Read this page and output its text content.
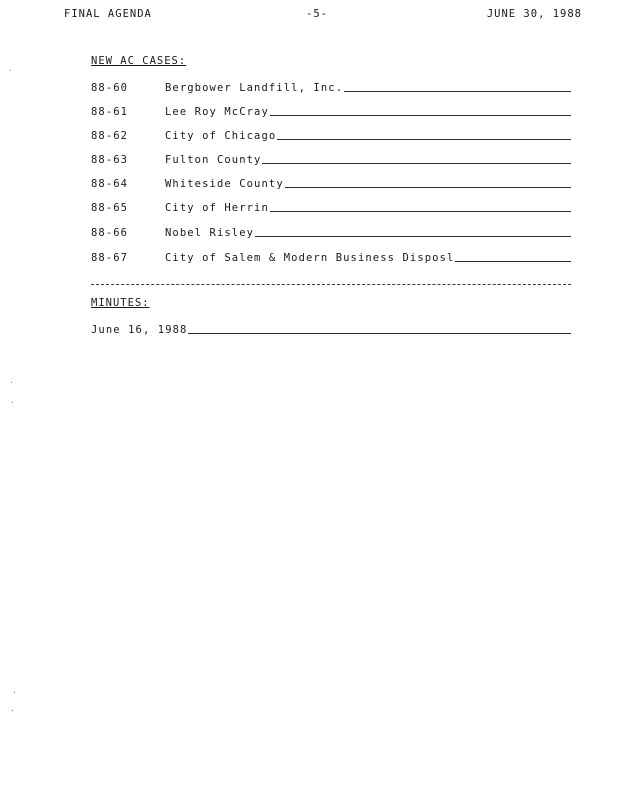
FINAL AGENDA	-5-	JUNE 30, 1988
NEW AC CASES:
88-60	Bergbower Landfill, Inc.
88-61	Lee Roy McCray
88-62	City of Chicago
88-63	Fulton County
88-64	Whiteside County
88-65	City of Herrin
88-66	Nobel Risley
88-67	City of Salem & Modern Business Disposl
MINUTES:
June 16, 1988
·
·
·
·
·
